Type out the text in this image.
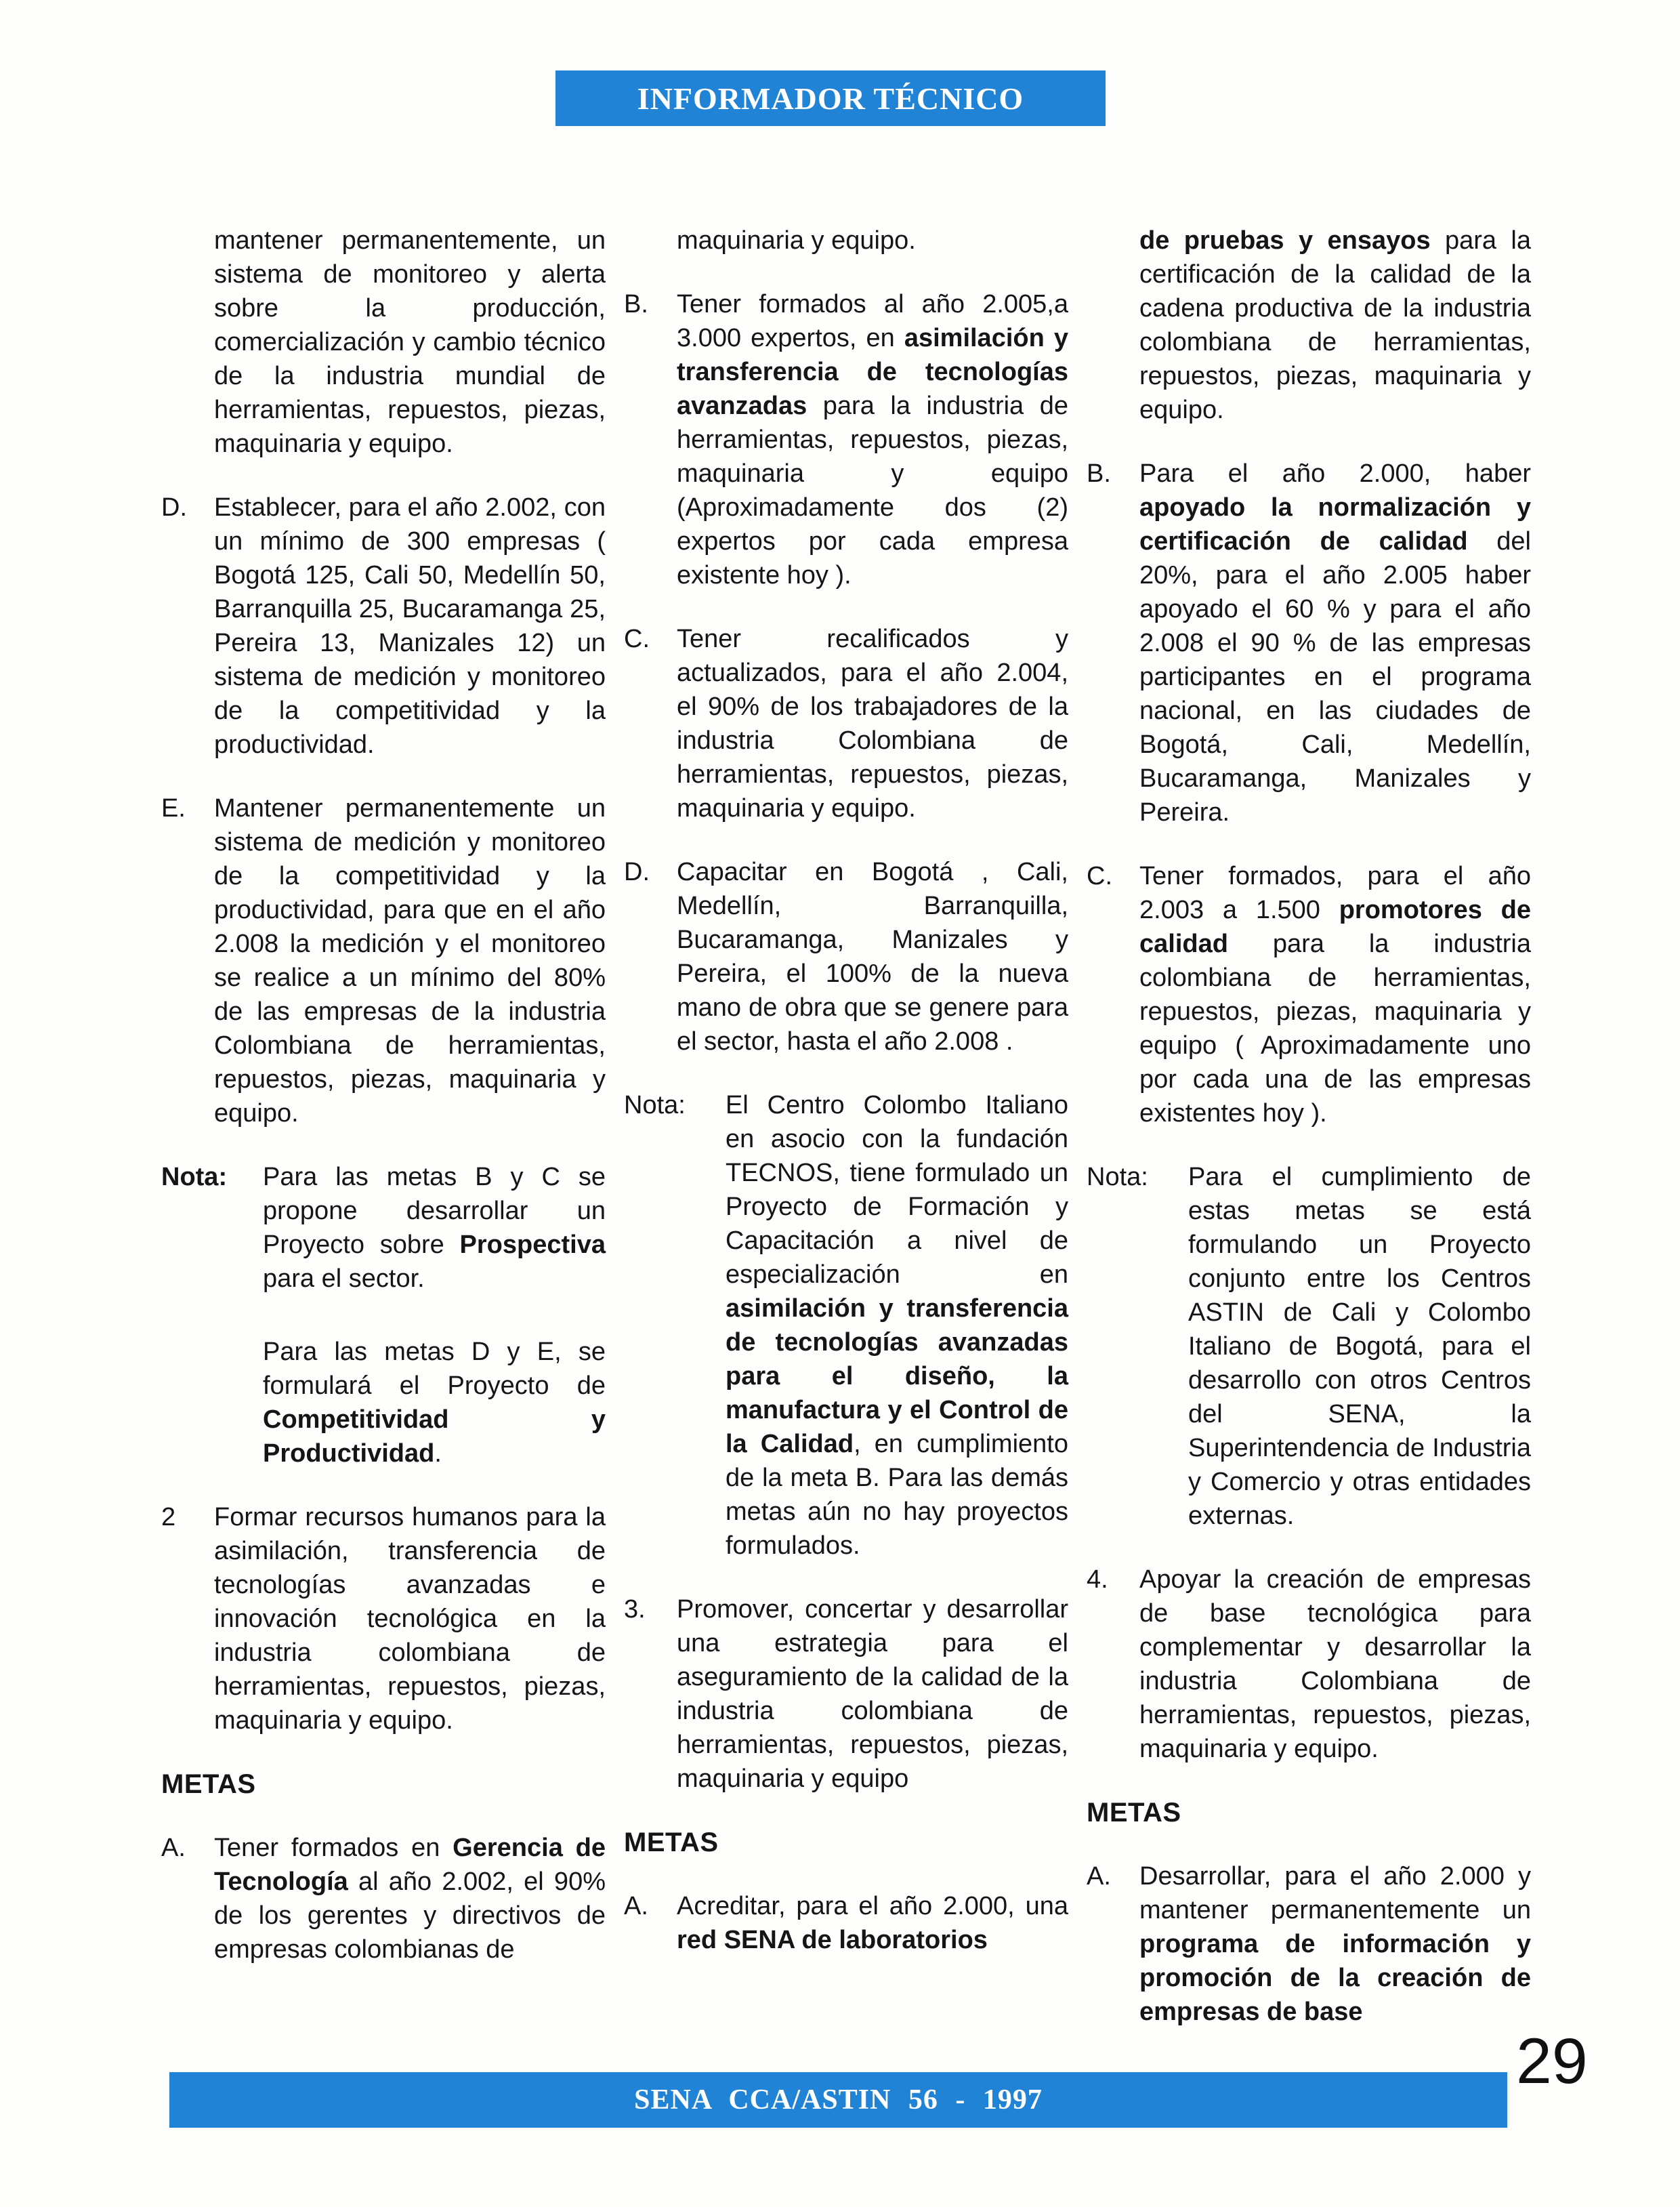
INFORMADOR TÉCNICO

mantener permanentemente, un sistema de monitoreo y alerta sobre la producción, comercialización y cambio técnico de la industria mundial de herramientas, repuestos, piezas, maquinaria y equipo.

D.	Establecer, para el año 2.002, con un mínimo de 300 empresas ( Bogotá 125, Cali 50, Medellín 50, Barranquilla 25, Bucaramanga 25, Pereira 13, Manizales 12) un sistema de medición y monitoreo de la competitividad y la productividad.

E.	Mantener permanentemente un sistema de medición y monitoreo de la competitividad y la productividad, para que en el año 2.008 la medición y el monitoreo se realice a un mínimo del 80% de las empresas de la industria Colombiana de herramientas, repuestos, piezas, maquinaria y equipo.

Nota:	Para las metas B y C se propone desarrollar un Proyecto sobre Prospectiva para el sector.

Para las metas D y E, se formulará el Proyecto de Competitividad y Productividad.

2	Formar recursos humanos para la asimilación, transferencia de tecnologías avanzadas e innovación tecnológica en la industria colombiana de herramientas, repuestos, piezas, maquinaria y equipo.

METAS
A.	Tener formados en Gerencia de Tecnología al año 2.002, el 90% de los gerentes y directivos de empresas colombianas de

maquinaria y equipo.

B.	Tener formados al año 2.005,a 3.000 expertos, en asimilación y transferencia de tecnologías avanzadas para la industria de herramientas, repuestos, piezas, maquinaria y equipo (Aproximadamente dos (2) expertos por cada empresa existente hoy ).

C.	Tener recalificados y actualizados, para el año 2.004, el 90% de los trabajadores de la industria Colombiana de herramientas, repuestos, piezas, maquinaria y equipo.

D.	Capacitar en Bogotá , Cali, Medellín, Barranquilla, Bucaramanga, Manizales y Pereira, el 100% de la nueva mano de obra que se genere para el sector, hasta el año 2.008 .

Nota:	El Centro Colombo Italiano en asocio con la fundación TECNOS, tiene formulado un Proyecto de Formación y Capacitación a nivel de especialización en asimilación y transferencia de tecnologías avanzadas para el diseño, la manufactura y el Control de la Calidad, en cumplimiento de la meta B. Para las demás metas aún no hay proyectos formulados.

3.	Promover, concertar y desarrollar una estrategia para el aseguramiento de la calidad de la industria colombiana de herramientas, repuestos, piezas, maquinaria y equipo

METAS
A.	Acreditar, para el año 2.000, una red SENA de laboratorios

de pruebas y ensayos para la certificación de la calidad de la cadena productiva de la industria colombiana de herramientas, repuestos, piezas, maquinaria y equipo.

B.	Para el año 2.000, haber apoyado la normalización y certificación de calidad del 20%, para el año 2.005 haber apoyado el 60 % y para el año 2.008 el 90 % de las empresas participantes en el programa nacional, en las ciudades de Bogotá, Cali, Medellín, Bucaramanga, Manizales y Pereira.

C.	Tener formados, para el año 2.003 a 1.500 promotores de calidad para la industria colombiana de herramientas, repuestos, piezas, maquinaria y equipo ( Aproximadamente uno por cada una de las empresas existentes hoy ).

Nota:	Para el cumplimiento de estas metas se está formulando un Proyecto conjunto entre los Centros ASTIN de Cali y Colombo Italiano de Bogotá, para el desarrollo con otros Centros del SENA, la Superintendencia de Industria y Comercio y otras entidades externas.

4.	Apoyar la creación de empresas de base tecnológica para complementar y desarrollar la industria Colombiana de herramientas, repuestos, piezas, maquinaria y equipo.

METAS
A.	Desarrollar, para el año 2.000 y mantener permanentemente un programa de información y promoción de la creación de empresas de base

SENA CCA/ASTIN 56 - 1997
29
